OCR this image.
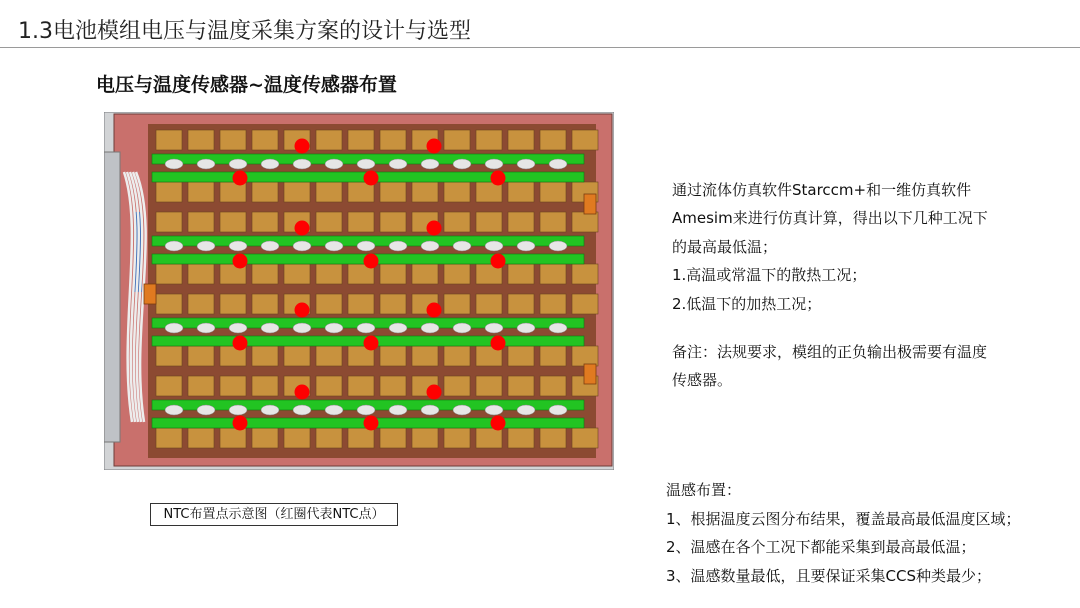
1.3电池模组电压与温度采集方案的设计与选型
电压与温度传感器~温度传感器布置
NTC布置点示意图（红圈代表NTC点）

通过流体仿真软件Starccm+和一维仿真软件

Amesim来进行仿真计算，得出以下几种工况下

的最高最低温；

1.高温或常温下的散热工况；

2.低温下的加热工况；

备注：法规要求，模组的正负输出极需要有温度

传感器。

温感布置：

1、根据温度云图分布结果，覆盖最高最低温度区域；

2、温感在各个工况下都能采集到最高最低温；

3、温感数量最低，且要保证采集CCS种类最少；
